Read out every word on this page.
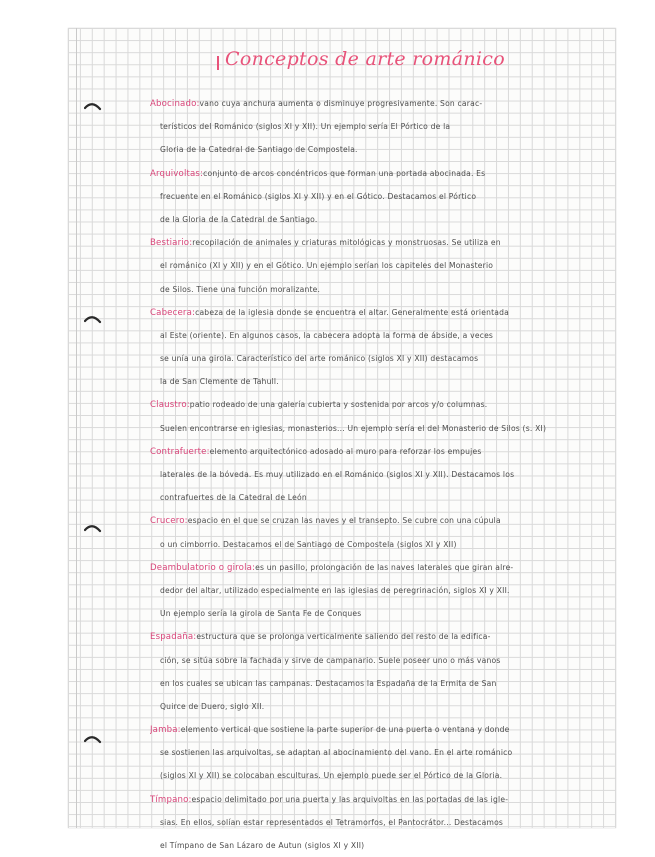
Conceptos de arte románico
Abocinado:vano cuya anchura aumenta o disminuye progresivamente. Son carac-
terísticos del Románico (siglos XI y XII). Un ejemplo sería El Pórtico de la
Gloria de la Catedral de Santiago de Compostela.
Arquivoltas:conjunto de arcos concéntricos que forman una portada abocinada. Es
frecuente en el Románico (siglos XI y XII) y en el Gótico. Destacamos el Pórtico
de la Gloria de la Catedral de Santiago.
Bestiario:recopilación de animales y criaturas mitológicas y monstruosas. Se utiliza en
el románico (XI y XII) y en el Gótico. Un ejemplo serían los capiteles del Monasterio
de Silos. Tiene una función moralizante.
Cabecera:cabeza de la iglesia donde se encuentra el altar. Generalmente está orientada
al Este (oriente). En algunos casos, la cabecera adopta la forma de ábside, a veces
se unía una girola. Característico del arte románico (siglos XI y XII) destacamos
la de San Clemente de Tahull.
Claustro:patio rodeado de una galería cubierta y sostenida por arcos y/o columnas.
Suelen encontrarse en iglesias, monasterios... Un ejemplo sería el del Monasterio de Silos (s. XI)
Contrafuerte:elemento arquitectónico adosado al muro para reforzar los empujes
laterales de la bóveda. Es muy utilizado en el Románico (siglos XI y XII). Destacamos los
contrafuertes de la Catedral de León
Crucero:espacio en el que se cruzan las naves y el transepto. Se cubre con una cúpula
o un cimborrio. Destacamos el de Santiago de Compostela (siglos XI y XII)
Deambulatorio o girola:es un pasillo, prolongación de las naves laterales que giran alre-
dedor del altar, utilizado especialmente en las iglesias de peregrinación, siglos XI y XII.
Un ejemplo sería la girola de Santa Fe de Conques
Espadaña:estructura que se prolonga verticalmente saliendo del resto de la edifica-
ción, se sitúa sobre la fachada y sirve de campanario. Suele poseer uno o más vanos
en los cuales se ubican las campanas. Destacamos la Espadaña de la Ermita de San
Quirce de Duero, siglo XII.
Jamba:elemento vertical que sostiene la parte superior de una puerta o ventana y donde
se sostienen las arquivoltas, se adaptan al abocinamiento del vano. En el arte románico
(siglos XI y XII) se colocaban esculturas. Un ejemplo puede ser el Pórtico de la Gloria.
Tímpano:espacio delimitado por una puerta y las arquivoltas en las portadas de las igle-
sias. En ellos, solían estar representados el Tetramorfos, el Pantocrátor... Destacamos
el Tímpano de San Lázaro de Autun (siglos XI y XII)
